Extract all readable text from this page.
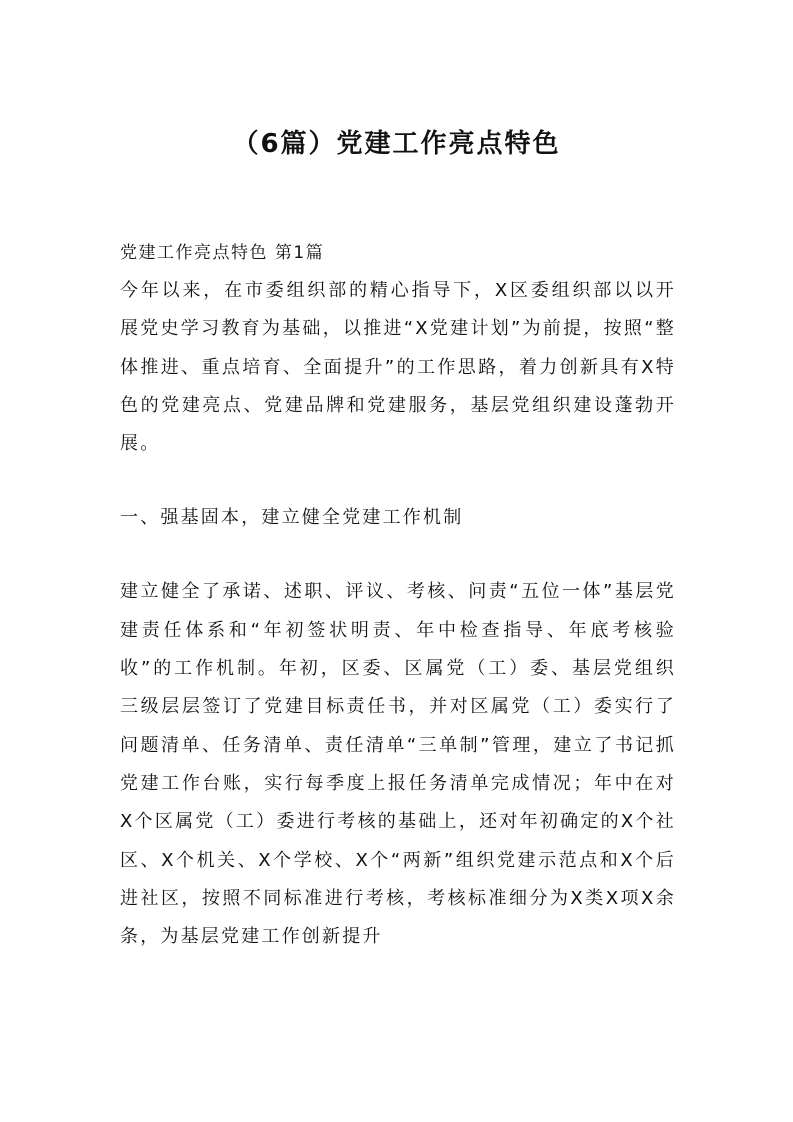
（6篇）党建工作亮点特色

党建工作亮点特色 第1篇

今年以来，在市委组织部的精心指导下，X区委组织部以以开展党史学习教育为基础，以推进“X党建计划”为前提，按照“整体推进、重点培育、全面提升”的工作思路，着力创新具有X特色的党建亮点、党建品牌和党建服务，基层党组织建设蓬勃开展。

一、强基固本，建立健全党建工作机制

建立健全了承诺、述职、评议、考核、问责“五位一体”基层党建责任体系和“年初签状明责、年中检查指导、年底考核验收”的工作机制。年初，区委、区属党（工）委、基层党组织三级层层签订了党建目标责任书，并对区属党（工）委实行了问题清单、任务清单、责任清单“三单制”管理，建立了书记抓党建工作台账，实行每季度上报任务清单完成情况；年中在对X个区属党（工）委进行考核的基础上，还对年初确定的X个社区、X个机关、X个学校、X个“两新”组织党建示范点和X个后进社区，按照不同标准进行考核，考核标准细分为X类X项X余条，为基层党建工作创新提升
